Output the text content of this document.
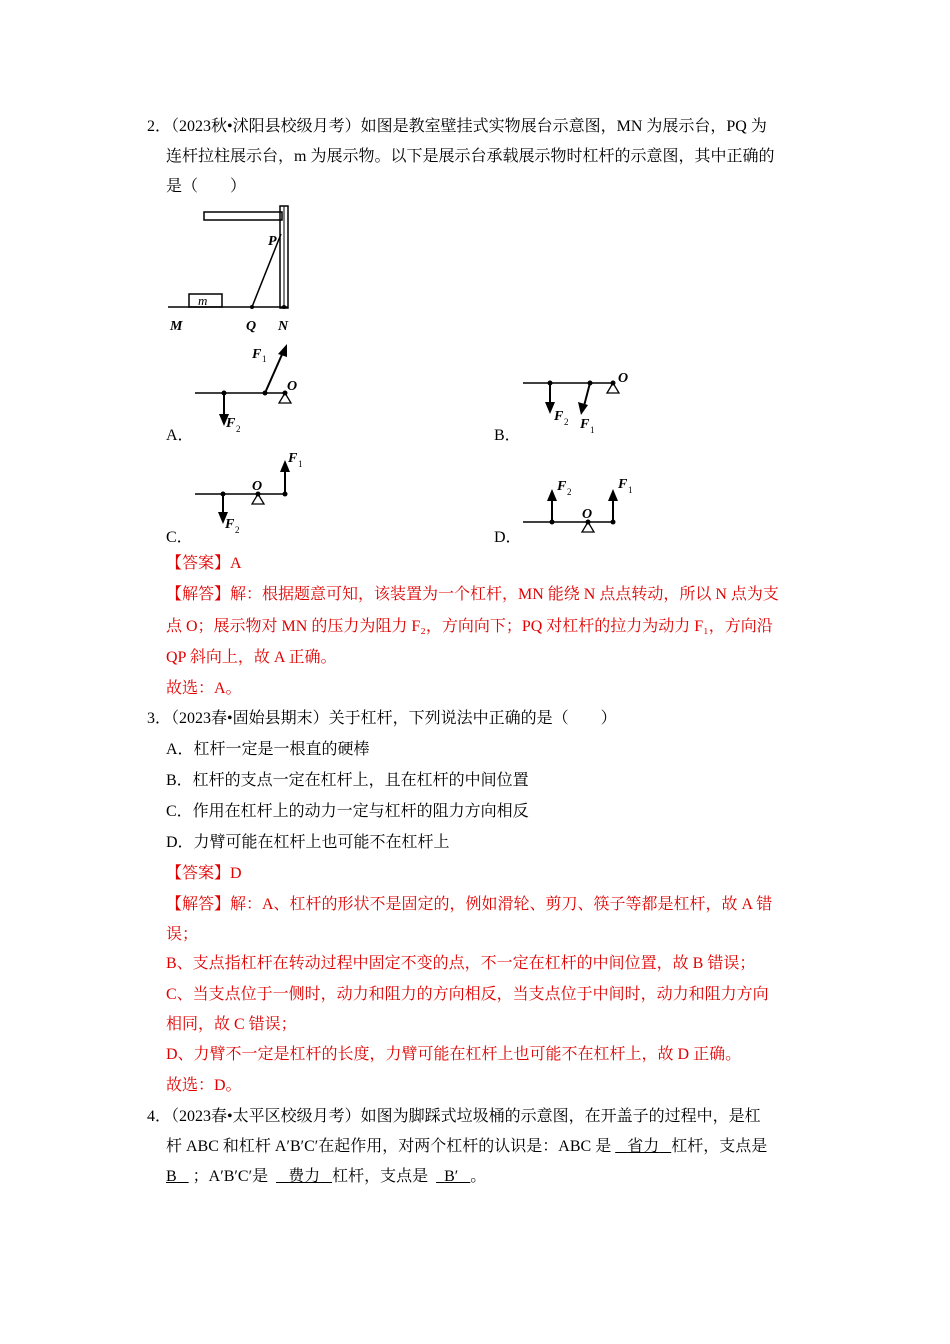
2．（2023秋•沭阳县校级月考）如图是教室壁挂式实物展台示意图，MN 为展示台，PQ 为
连杆拉柱展示台，m 为展示物。以下是展示台承载展示物时杠杆的示意图，其中正确的
是（　　）
m
P
M	Q N
A．
F 1
O
F 2	B．
O
F 2 F 1
C．
O
F 1
F 2	D．
O
F 2	F 1
【答案】A
【解答】解：根据题意可知，该装置为一个杠杆，MN 能绕 N 点点转动，所以 N 点为支
点 O；展示物对 MN 的压力为阻力 F₂，方向向下；PQ 对杠杆的拉力为动力 F₁，方向沿
QP 斜向上，故 A 正确。
故选：A。
3．（2023春•固始县期末）关于杠杆，下列说法中正确的是（　　）
A．杠杆一定是一根直的硬棒
B．杠杆的支点一定在杠杆上，且在杠杆的中间位置
C．作用在杠杆上的动力一定与杠杆的阻力方向相反
D．力臂可能在杠杆上也可能不在杠杆上
【答案】D
【解答】解：A、杠杆的形状不是固定的，例如滑轮、剪刀、筷子等都是杠杆，故 A 错
误；
B、支点指杠杆在转动过程中固定不变的点，不一定在杠杆的中间位置，故 B 错误；
C、当支点位于一侧时，动力和阻力的方向相反，当支点位于中间时，动力和阻力方向
相同，故 C 错误；
D、力臂不一定是杠杆的长度，力臂可能在杠杆上也可能不在杠杆上，故 D 正确。
故选：D。
4．（2023春•太平区校级月考）如图为脚踩式垃圾桶的示意图，在开盖子的过程中，是杠
杆 ABC 和杠杆 A′B′C′在起作用，对两个杠杆的认识是：ABC 是 省力 杠杆，支点是
B ；A′B′C′是 费力 杠杆，支点是 B′ 。
